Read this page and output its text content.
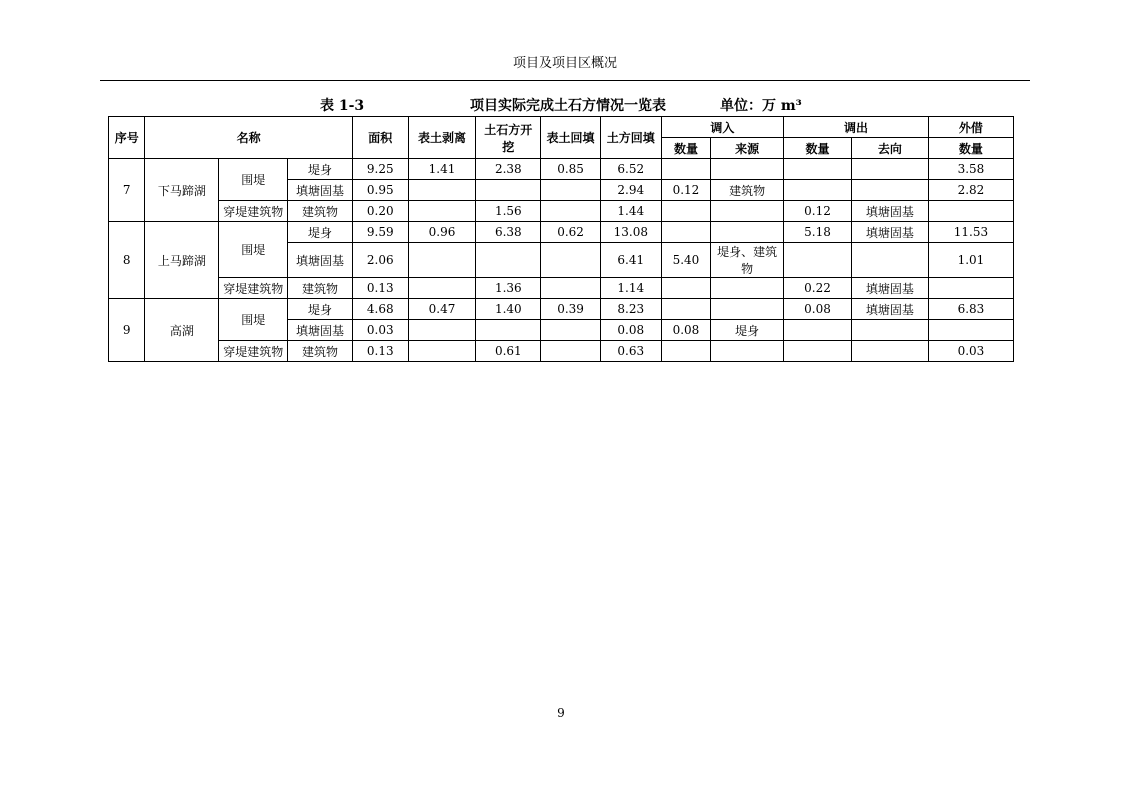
项目及项目区概况
表 1-3	项目实际完成土石方情况一览表	单位：万 m³
序号	名称			面积	表土剥离	土石方开挖	表土回填	土方回填	调入		调出		外借
									数量	来源	数量	去向	数量
7	下马蹄湖	围堤	堤身	9.25	1.41	2.38	0.85	6.52					3.58
			填塘固基	0.95				2.94	0.12	建筑物			2.82
		穿堤建筑物	建筑物	0.20		1.56		1.44			0.12	填塘固基	
8	上马蹄湖	围堤	堤身	9.59	0.96	6.38	0.62	13.08			5.18	填塘固基	11.53
			填塘固基	2.06				6.41	5.40	堤身、建筑物			1.01
		穿堤建筑物	建筑物	0.13		1.36		1.14			0.22	填塘固基	
9	高湖	围堤	堤身	4.68	0.47	1.40	0.39	8.23			0.08	填塘固基	6.83
			填塘固基	0.03				0.08	0.08	堤身			
		穿堤建筑物	建筑物	0.13		0.61		0.63					0.03
9
